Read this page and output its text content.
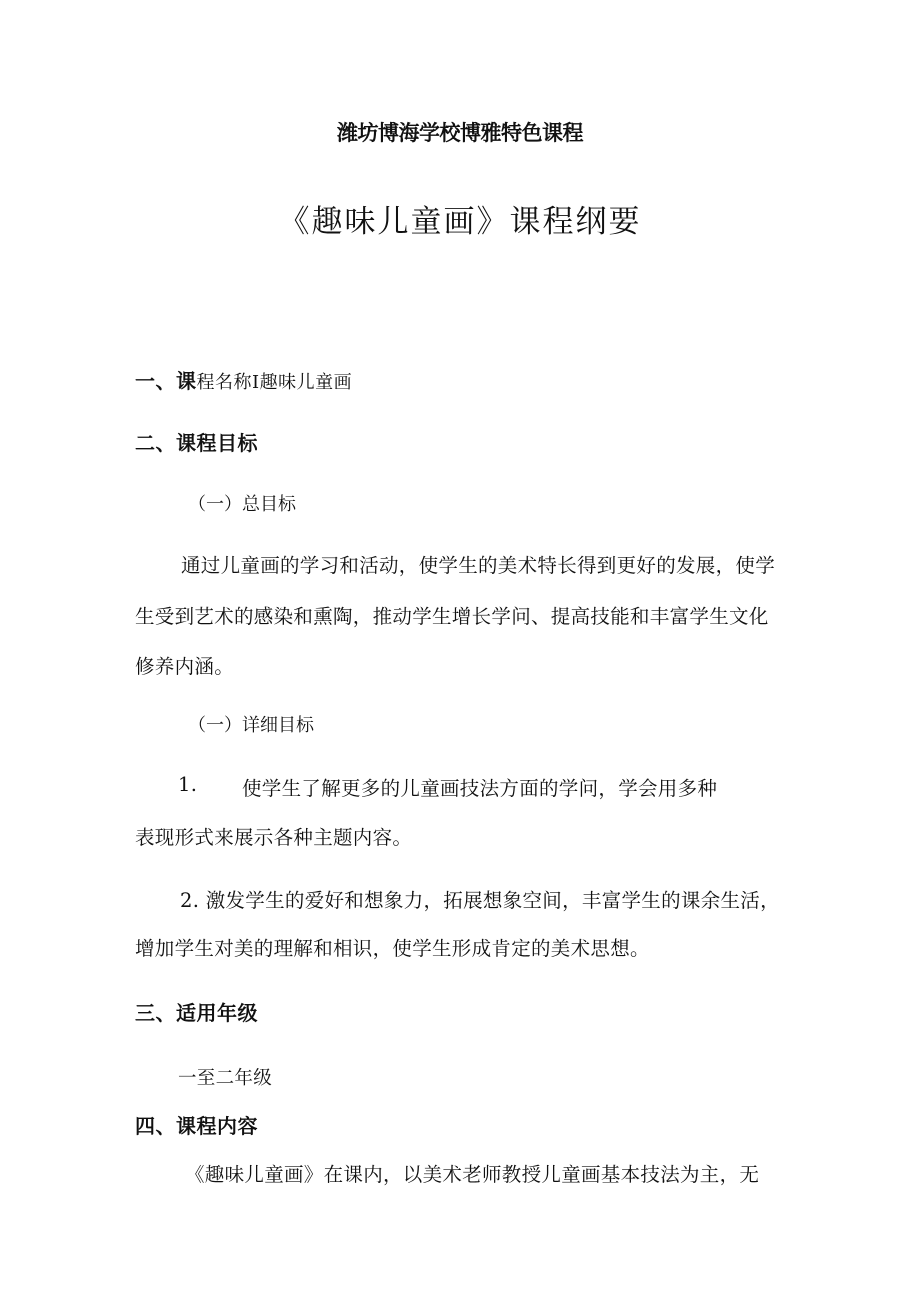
潍坊博海学校博雅特色课程

《趣味儿童画》课程纲要

一、课程名称I趣味儿童画

二、课程目标

（一）总目标

通过儿童画的学习和活动，使学生的美术特长得到更好的发展，使学

生受到艺术的感染和熏陶，推动学生增长学问、提高技能和丰富学生文化

修养内涵。

（一）详细目标

1. 使学生了解更多的儿童画技法方面的学问，学会用多种

表现形式来展示各种主题内容。

2. 激发学生的爱好和想象力，拓展想象空间，丰富学生的课余生活，

增加学生对美的理解和相识，使学生形成肯定的美术思想。

三、适用年级

一至二年级

四、课程内容

《趣味儿童画》在课内，以美术老师教授儿童画基本技法为主，无
